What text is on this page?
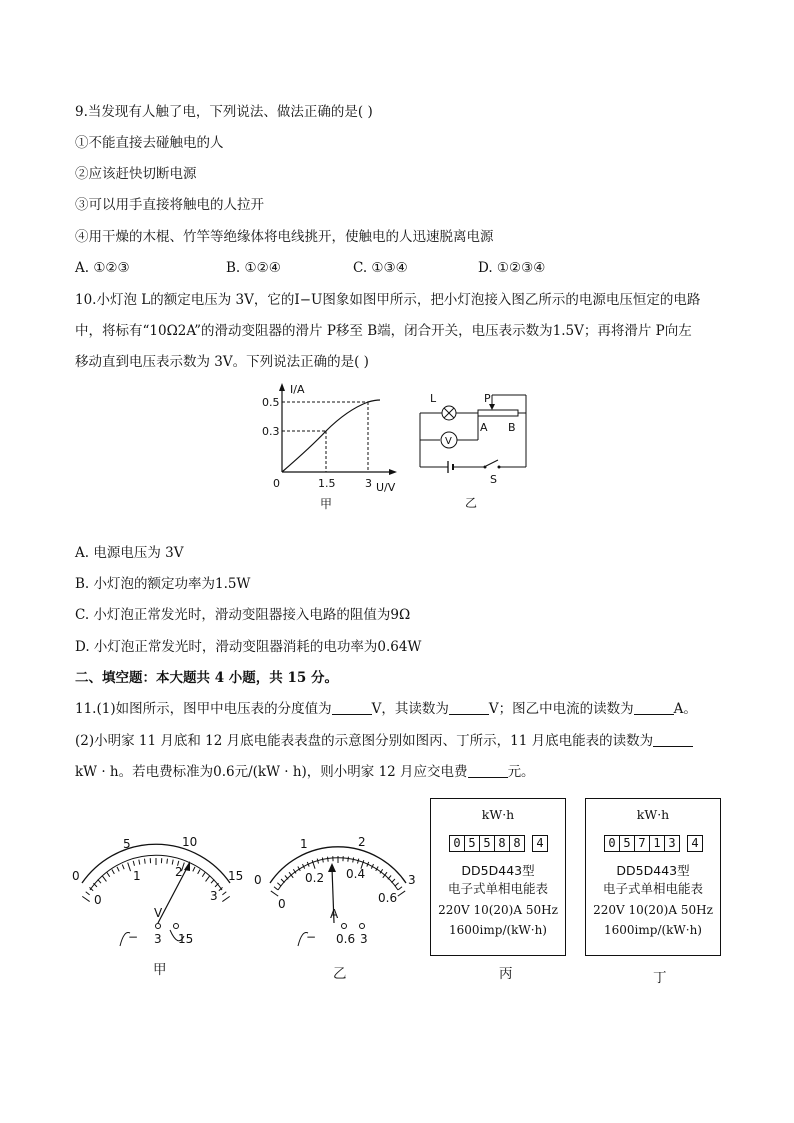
9.当发现有人触了电，下列说法、做法正确的是( )
①不能直接去碰触电的人
②应该赶快切断电源
③可以用手直接将触电的人拉开
④用干燥的木棍、竹竿等绝缘体将电线挑开，使触电的人迅速脱离电源
A. ①②③	B. ①②④	C. ①③④	D. ①②③④
10.小灯泡 L的额定电压为 3V，它的I−U图象如图甲所示，把小灯泡接入图乙所示的电源电压恒定的电路
中，将标有“10Ω2A”的滑动变阻器的滑片 P移至 B端，闭合开关，电压表示数为1.5V；再将滑片 P向左
移动直到电压表示数为 3V。下列说法正确的是( )
I/A
0.5
0.3
0	1.5	3 U/V
甲
V
L	P
A B
S
乙
A. 电源电压为 3V
B. 小灯泡的额定功率为1.5W
C. 小灯泡正常发光时，滑动变阻器接入电路的阻值为9Ω
D. 小灯泡正常发光时，滑动变阻器消耗的电功率为0.64W
二、填空题：本大题共 4 小题，共 15 分。
11.(1)如图所示，图甲中电压表的分度值为	V，其读数为	V；图乙中电流的读数为	A。
(2)小明家 11 月底和 12 月底电能表表盘的示意图分别如图丙、丁所示，11 月底电能表的读数为
kW · h。若电费标准为0.6元/(kW · h)，则小明家 12 月应交电费	元。
0
5	10
15
0
1	2
3
V
− 3 15
甲
0
1	2
3
0
0.2 0.4
0.6
A
− 0.6 3
乙
kW·h
0 5 5 8 8	4
DD5D443型
电子式单相电能表
220V 10(20)A 50Hz
1600imp/(kW·h)
丙
kW·h
0 5 7 1 3	4
DD5D443型
电子式单相电能表
220V 10(20)A 50Hz
1600imp/(kW·h)
丁
